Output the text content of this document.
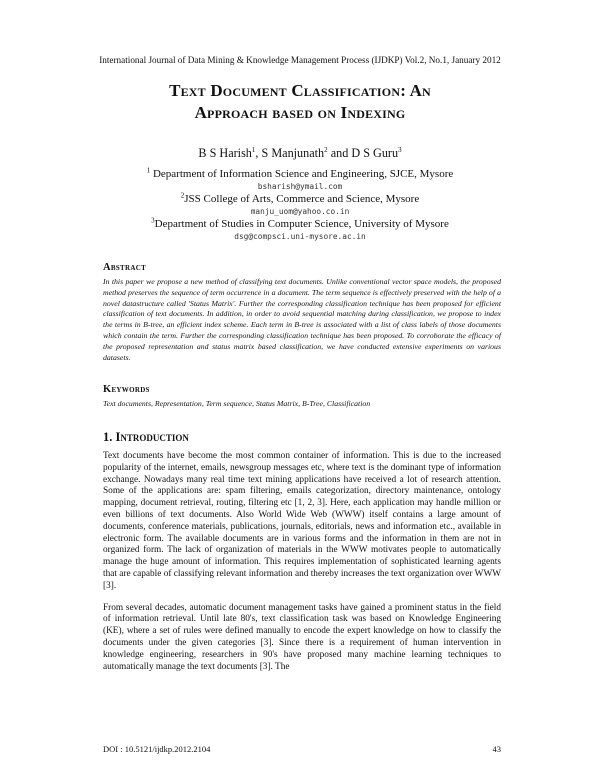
International Journal of Data Mining & Knowledge Management Process (IJDKP) Vol.2, No.1, January 2012
Text Document Classification: An
Approach based on Indexing
B S Harish$^1$, S Manjunath$^2$ and D S Guru$^3$
$^1$ Department of Information Science and Engineering, SJCE, Mysore
bsharish@ymail.com
$^2$JSS College of Arts, Commerce and Science, Mysore
manju_uom@yahoo.co.in
$^3$Department of Studies in Computer Science, University of Mysore
dsg@compsci.uni-mysore.ac.in
Abstract
In this paper we propose a new method of classifying text documents. Unlike conventional vector space models, the proposed method preserves the sequence of term occurrence in a document. The term sequence is effectively preserved with the help of a novel datastructure called 'Status Matrix'. Further the corresponding classification technique has been proposed for efficient classification of text documents. In addition, in order to avoid sequential matching during classification, we propose to index the terms in B-tree, an efficient index scheme. Each term in B-tree is associated with a list of class labels of those documents which contain the term. Further the corresponding classification technique has been proposed. To corroborate the efficacy of the proposed representation and status matrix based classification, we have conducted extensive experiments on various datasets.
Keywords
Text documents, Representation, Term sequence, Status Matrix, B-Tree, Classification
1. Introduction
Text documents have become the most common container of information. This is due to the increased popularity of the internet, emails, newsgroup messages etc, where text is the dominant type of information exchange. Nowadays many real time text mining applications have received a lot of research attention. Some of the applications are: spam filtering, emails categorization, directory maintenance, ontology mapping, document retrieval, routing, filtering etc [1, 2, 3]. Here, each application may handle million or even billions of text documents. Also World Wide Web (WWW) itself contains a large amount of documents, conference materials, publications, journals, editorials, news and information etc., available in electronic form. The available documents are in various forms and the information in them are not in organized form. The lack of organization of materials in the WWW motivates people to automatically manage the huge amount of information. This requires implementation of sophisticated learning agents that are capable of classifying relevant information and thereby increases the text organization over WWW [3].
From several decades, automatic document management tasks have gained a prominent status in the field of information retrieval. Until late 80's, text classification task was based on Knowledge Engineering (KE), where a set of rules were defined manually to encode the expert knowledge on how to classify the documents under the given categories [3]. Since there is a requirement of human intervention in knowledge engineering, researchers in 90's have proposed many machine learning techniques to automatically manage the text documents [3]. The
DOI : 10.5121/ijdkp.2012.2104	43
